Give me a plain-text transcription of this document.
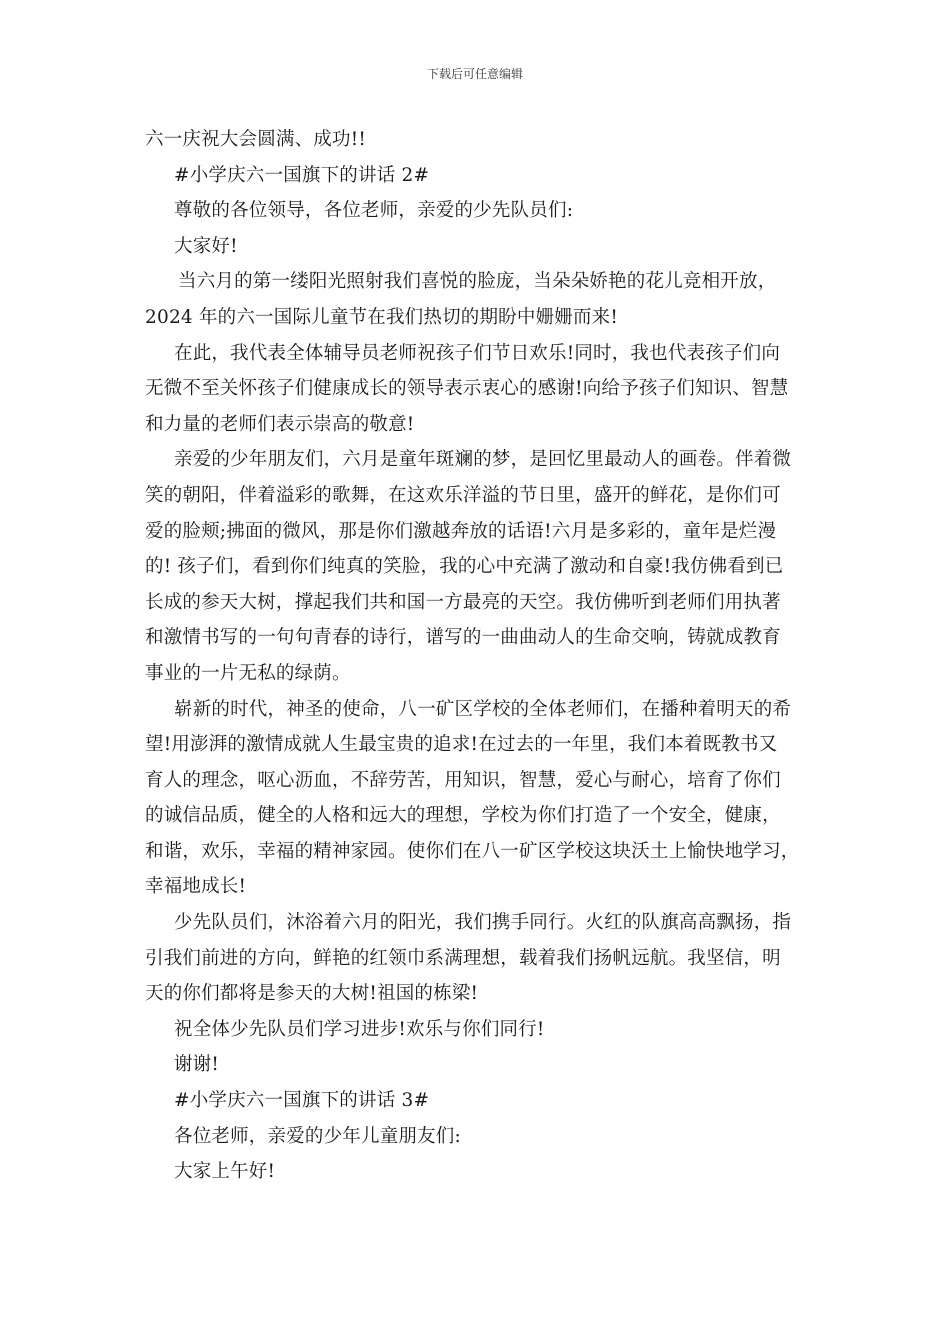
下载后可任意编辑
六一庆祝大会圆满、成功!!
#小学庆六一国旗下的讲话 2#
尊敬的各位领导，各位老师，亲爱的少先队员们:
大家好!
当六月的第一缕阳光照射我们喜悦的脸庞，当朵朵娇艳的花儿竞相开放，
2024 年的六一国际儿童节在我们热切的期盼中姗姗而来!
在此，我代表全体辅导员老师祝孩子们节日欢乐!同时，我也代表孩子们向
无微不至关怀孩子们健康成长的领导表示衷心的感谢!向给予孩子们知识、智慧
和力量的老师们表示崇高的敬意!
亲爱的少年朋友们，六月是童年斑斓的梦，是回忆里最动人的画卷。伴着微
笑的朝阳，伴着溢彩的歌舞，在这欢乐洋溢的节日里，盛开的鲜花，是你们可
爱的脸颊;拂面的微风，那是你们激越奔放的话语!六月是多彩的，童年是烂漫
的! 孩子们，看到你们纯真的笑脸，我的心中充满了激动和自豪!我仿佛看到已
长成的参天大树，撑起我们共和国一方最亮的天空。我仿佛听到老师们用执著
和激情书写的一句句青春的诗行，谱写的一曲曲动人的生命交响，铸就成教育
事业的一片无私的绿荫。
崭新的时代，神圣的使命，八一矿区学校的全体老师们，在播种着明天的希
望!用澎湃的激情成就人生最宝贵的追求!在过去的一年里，我们本着既教书又
育人的理念，呕心沥血，不辞劳苦，用知识，智慧，爱心与耐心，培育了你们
的诚信品质，健全的人格和远大的理想，学校为你们打造了一个安全，健康，
和谐，欢乐，幸福的精神家园。使你们在八一矿区学校这块沃土上愉快地学习，
幸福地成长!
少先队员们，沐浴着六月的阳光，我们携手同行。火红的队旗高高飘扬，指
引我们前进的方向，鲜艳的红领巾系满理想，载着我们扬帆远航。我坚信，明
天的你们都将是参天的大树!祖国的栋梁!
祝全体少先队员们学习进步!欢乐与你们同行!
谢谢!
#小学庆六一国旗下的讲话 3#
各位老师，亲爱的少年儿童朋友们:
大家上午好!
